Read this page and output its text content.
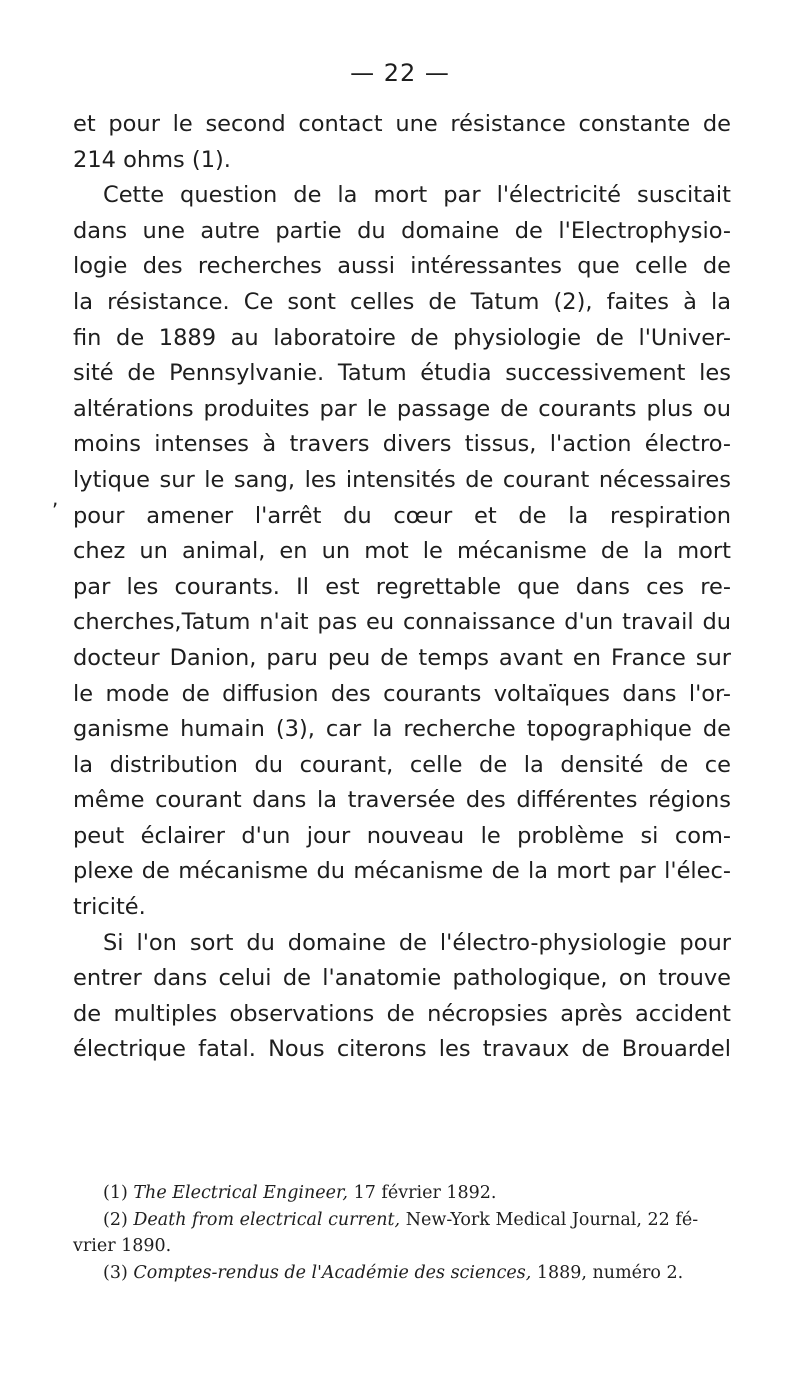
— 22 —
,
et pour le second contact une résistance constante de
214 ohms (1).
Cette question de la mort par l'électricité suscitait
dans une autre partie du domaine de l'Electrophysio-
logie des recherches aussi intéressantes que celle de
la résistance. Ce sont celles de Tatum (2), faites à la
fin de 1889 au laboratoire de physiologie de l'Univer-
sité de Pennsylvanie. Tatum étudia successivement les
altérations produites par le passage de courants plus ou
moins intenses à travers divers tissus, l'action électro-
lytique sur le sang, les intensités de courant nécessaires
pour amener l'arrêt du cœur et de la respiration
chez un animal, en un mot le mécanisme de la mort
par les courants. Il est regrettable que dans ces re-
cherches,Tatum n'ait pas eu connaissance d'un travail du
docteur Danion, paru peu de temps avant en France sur
le mode de diffusion des courants voltaïques dans l'or-
ganisme humain (3), car la recherche topographique de
la distribution du courant, celle de la densité de ce
même courant dans la traversée des différentes régions
peut éclairer d'un jour nouveau le problème si com-
plexe de mécanisme du mécanisme de la mort par l'élec-
tricité.
Si l'on sort du domaine de l'électro-physiologie pour
entrer dans celui de l'anatomie pathologique, on trouve
de multiples observations de nécropsies après accident
électrique fatal. Nous citerons les travaux de Brouardel
(1) The Electrical Engineer, 17 février 1892.
(2) Death from electrical current, New-York Medical Journal, 22 fé-
vrier 1890.
(3) Comptes-rendus de l'Académie des sciences, 1889, numéro 2.
